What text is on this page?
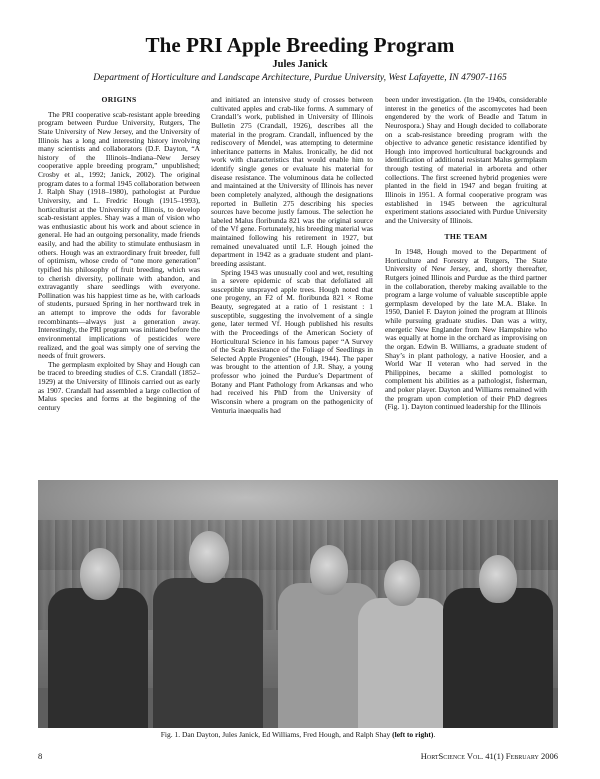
The PRI Apple Breeding Program
Jules Janick
Department of Horticulture and Landscape Architecture, Purdue University, West Lafayette, IN 47907-1165

ORIGINS

The PRI cooperative scab-resistant apple breeding program between Purdue University, Rutgers, The State University of New Jersey, and the University of Illinois has a long and interesting history involving many scientists and collaborators (D.F. Dayton, “A history of the Illinois–Indiana–New Jersey cooperative apple breeding program,” unpublished; Crosby et al., 1992; Janick, 2002). The original program dates to a formal 1945 collaboration between J. Ralph Shay (1918–1980), pathologist at Purdue University, and L. Fredric Hough (1915–1993), horticulturist at the University of Illinois, to develop scab-resistant apples. Shay was a man of vision who was enthusiastic about his work and about science in general. He had an outgoing personality, made friends easily, and had the ability to stimulate enthusiasm in others. Hough was an extraordinary fruit breeder, full of optimism, whose credo of “one more generation” typified his philosophy of fruit breeding, which was to cherish diversity, pollinate with abandon, and extravagantly share seedlings with everyone. Pollination was his happiest time as he, with carloads of students, pursued Spring in her northward trek in an attempt to improve the odds for favorable recombinants—always just a generation away. Interestingly, the PRI program was initiated before the environmental implications of pesticides were realized, and the goal was simply one of serving the needs of fruit growers.

The germplasm exploited by Shay and Hough can be traced to breeding studies of C.S. Crandall (1852–1929) at the University of Illinois carried out as early as 1907. Crandall had assembled a large collection of Malus species and forms at the beginning of the century

and initiated an intensive study of crosses between cultivated apples and crab-like forms. A summary of Crandall’s work, published in University of Illinois Bulletin 275 (Crandall, 1926), describes all the material in the program. Crandall, influenced by the rediscovery of Mendel, was attempting to determine inheritance patterns in Malus. Ironically, he did not work with characteristics that would enable him to identify single genes or evaluate his material for disease resistance. The voluminous data he collected and maintained at the University of Illinois has never been completely analyzed, although the designations reported in Bulletin 275 describing his species sources have become justly famous. The selection he labeled Malus floribunda 821 was the original source of the Vf gene. Fortunately, his breeding material was maintained following his retirement in 1927, but remained unevaluated until L.F. Hough joined the department in 1942 as a graduate student and plant-breeding assistant.

Spring 1943 was unusually cool and wet, resulting in a severe epidemic of scab that defoliated all susceptible unsprayed apple trees. Hough noted that one progeny, an F2 of M. floribunda 821 × Rome Beauty, segregated at a ratio of 1 resistant : 1 susceptible, suggesting the involvement of a single gene, later termed Vf. Hough published his results with the Proceedings of the American Society of Horticultural Science in his famous paper “A Survey of the Scab Resistance of the Foliage of Seedlings in Selected Apple Progenies” (Hough, 1944). The paper was brought to the attention of J.R. Shay, a young professor who joined the Purdue’s Department of Botany and Plant Pathology from Arkansas and who had received his PhD from the University of Wisconsin where a program on the pathogenicity of Venturia inaequalis had

been under investigation. (In the 1940s, considerable interest in the genetics of the ascomycetes had been engendered by the work of Beadle and Tatum in Neurospora.) Shay and Hough decided to collaborate on a scab-resistance breeding program with the objective to advance genetic resistance identified by Hough into improved horticultural backgrounds and identification of additional resistant Malus germplasm through testing of material in arboreta and other collections. The first screened hybrid progenies were planted in the field in 1947 and began fruiting at Illinois in 1951. A formal cooperative program was established in 1945 between the agricultural experiment stations associated with Purdue University and the University of Illinois.

THE TEAM

In 1948, Hough moved to the Department of Horticulture and Forestry at Rutgers, The State University of New Jersey, and, shortly thereafter, Rutgers joined Illinois and Purdue as the third partner in the collaboration, thereby making available to the program a large volume of valuable susceptible apple germplasm developed by the late M.A. Blake. In 1950, Daniel F. Dayton joined the program at Illinois while pursuing graduate studies. Dan was a witty, energetic New Englander from New Hampshire who was equally at home in the orchard as improvising on the organ. Edwin B. Williams, a graduate student of Shay’s in plant pathology, a native Hoosier, and a World War II veteran who had served in the Philippines, became a skilled pomologist to complement his abilities as a pathologist, fisherman, and poker player. Dayton and Williams remained with the program upon completion of their PhD degrees (Fig. 1). Dayton continued leadership for the Illinois

Fig. 1. Dan Dayton, Jules Janick, Ed Williams, Fred Hough, and Ralph Shay (left to right).
8	HortScience Vol. 41(1) February 2006
